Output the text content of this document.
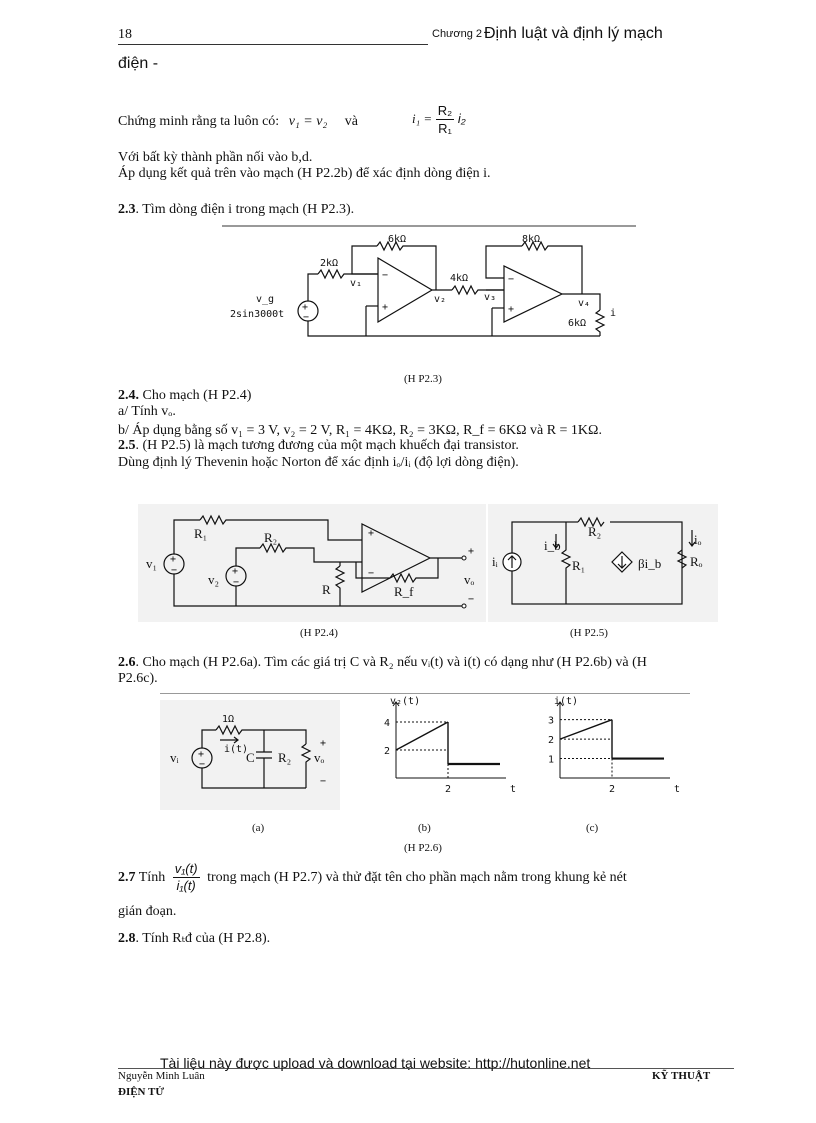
18	Chương 2 Định luật và định lý mạch
điện -
Chứng minh rằng ta luôn có: v₁ = v₂ và	$i_1 = \frac{\text{R₂}}{\text{R₁}} i_2$
Với bất kỳ thành phần nối vào b,d.
Áp dụng kết quả trên vào mạch (H P2.2b) để xác định dòng điện i.
2.3. Tìm dòng điện i trong mạch (H P2.3).
+
−
2kΩ
6kΩ
4kΩ
8kΩ
6kΩ
v₁
v₂	v₃
v₄
v_g
2sin3000t	i
−
+
−
+
(H P2.3)
2.4. Cho mạch (H P2.4)
a/ Tính vₒ.
b/ Áp dụng bằng số v₁ = 3 V, v₂ = 2 V, R₁ = 4KΩ, R₂ = 3KΩ, R_f = 6KΩ và R = 1KΩ.
2.5. (H P2.5) là mạch tương đương của một mạch khuếch đại transistor.
Dùng định lý Thevenin hoặc Norton để xác định iₒ/iᵢ (độ lợi dòng điện).
R₁	R₂
R	R_f
v₁
v₂	vₒ
+
−
+
−
+
−	+
−
iᵢ
i_b
R₁
R₂
βi_b
iₒ
Rₒ
(H P2.4)	(H P2.5)
2.6. Cho mạch (H P2.6a). Tìm các giá trị C và R₂ nếu vᵢ(t) và i(t) có dạng như (H P2.6b) và (H
P2.6c).
+
−
1Ω
i(t)
C R₂
vᵢ	vₒ
+
−
t
v₂(t)
2
4
2	t
i(t)
1
2
3
2
(a)	(b)	(c)
(H P2.6)
2.7 Tính $\frac{\text{v₁(t)}}{\text{i₁(t)}}$ trong mạch (H P2.7) và thử đặt tên cho phần mạch nằm trong khung kẻ nét
gián đoạn.
2.8. Tính Rₜđ của (H P2.8).
Tài liệu này được upload và download tại website: http://hutonline.net
Nguyễn Minh Luân	KỸ THUẬT
ĐIỆN TỬ
